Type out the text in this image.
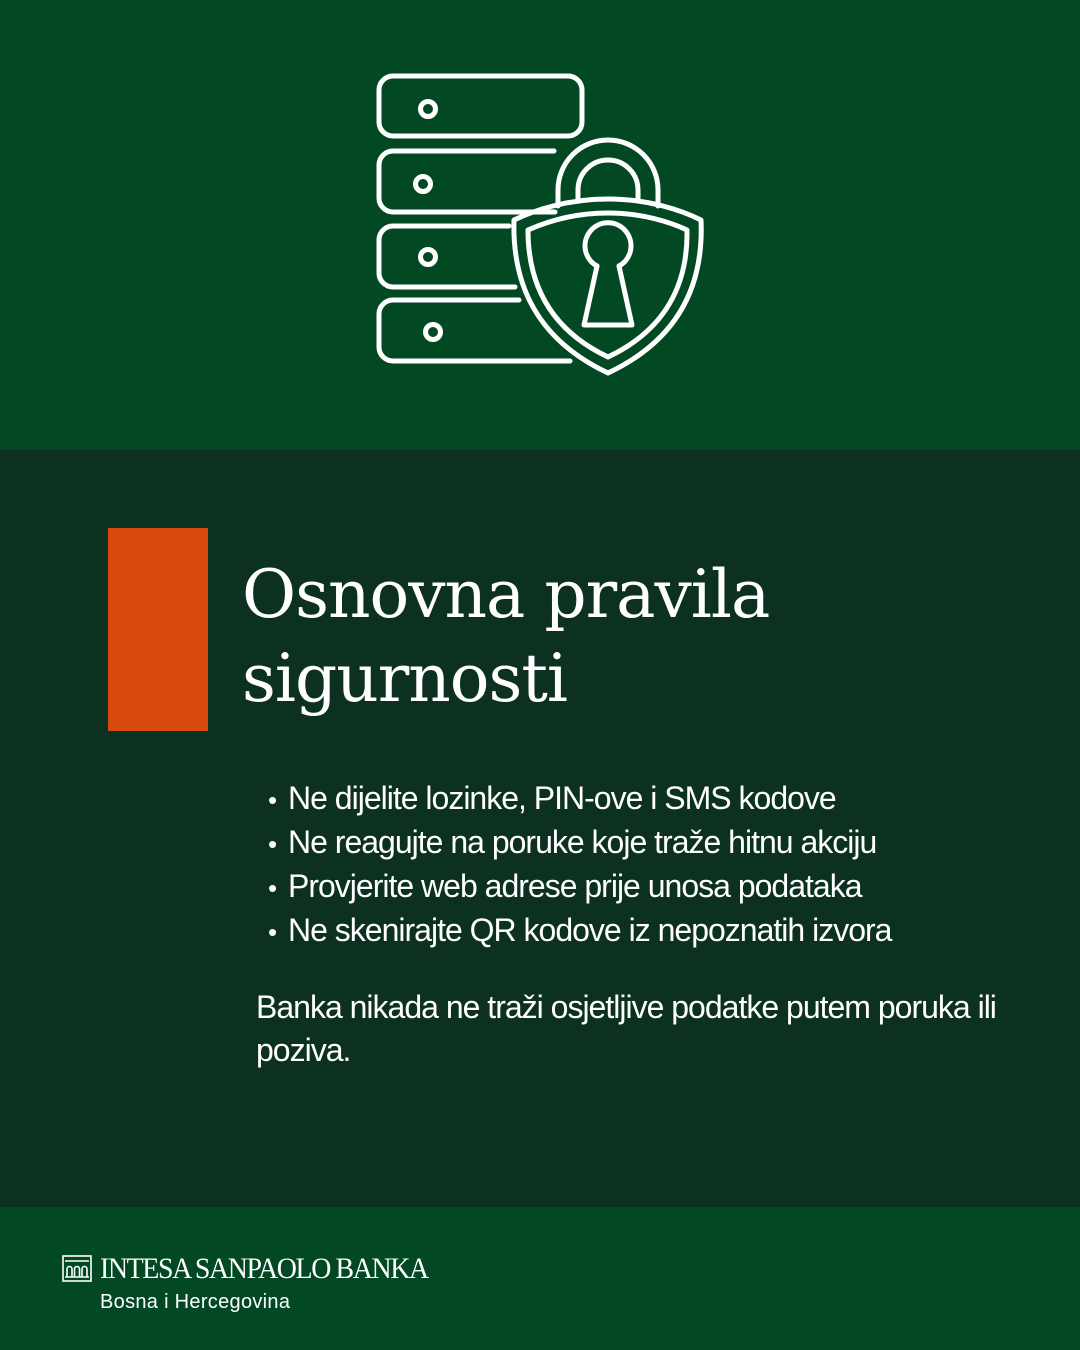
Osnovna pravila
sigurnosti
• Ne dijelite lozinke, PIN-ove i SMS kodove
• Ne reagujte na poruke koje traže hitnu akciju
• Provjerite web adrese prije unosa podataka
• Ne skenirajte QR kodove iz nepoznatih izvora

Banka nikada ne traži osjetljive podatke putem poruka ili poziva.

INTESA SANPAOLO BANKA
Bosna i Hercegovina
